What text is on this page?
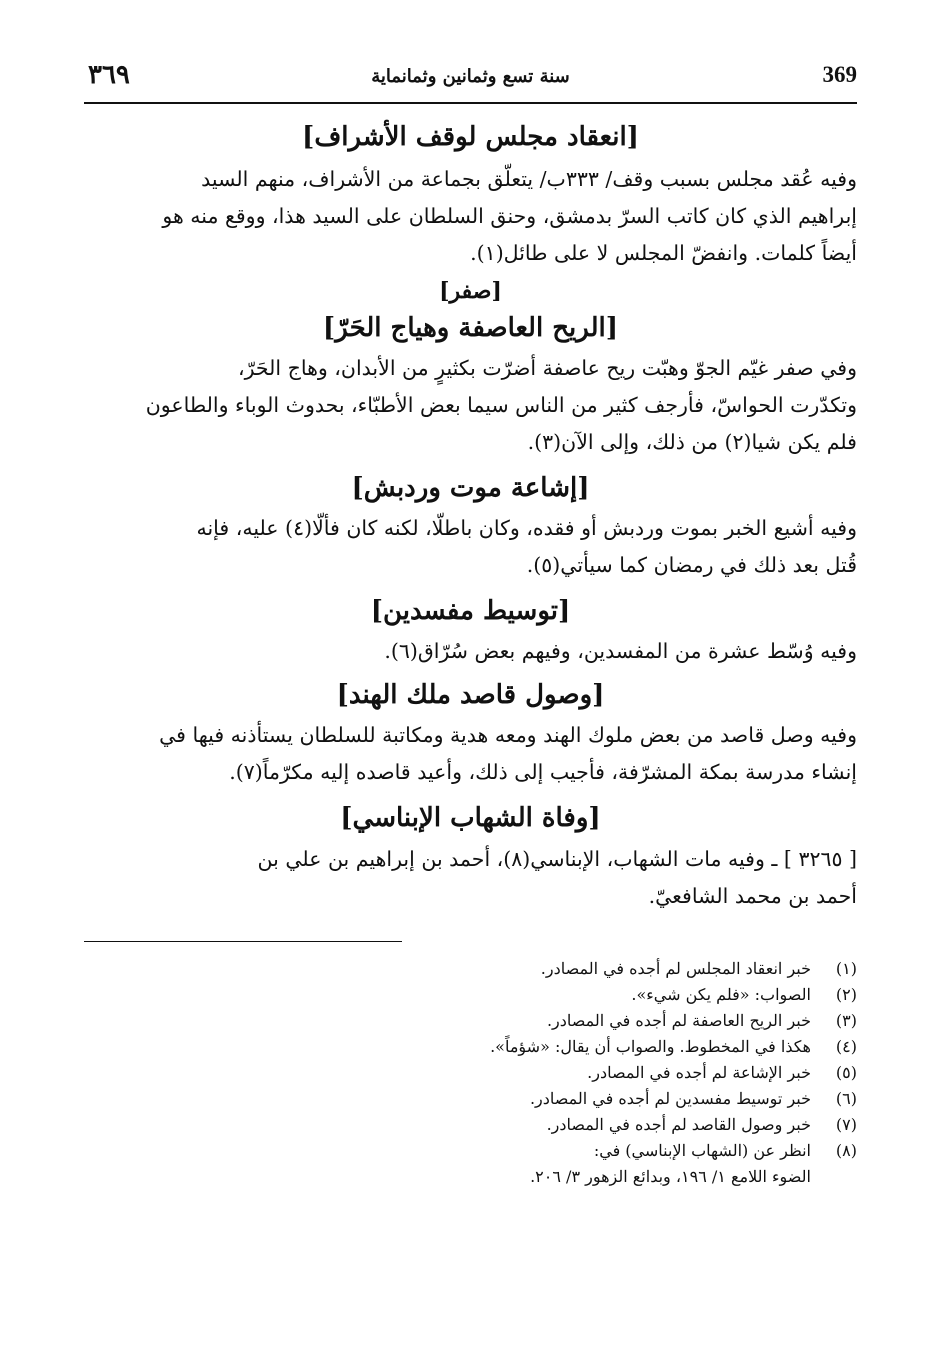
٣٦٩	سنة تسع وثمانين وثمانماية	369
[انعقاد مجلس لوقف الأشراف]

وفيه عُقد مجلس بسبب وقف/ ٣٣٣ب/ يتعلّق بجماعة من الأشراف، منهم السيد

إبراهيم الذي كان كاتب السرّ بدمشق، وحنق السلطان على السيد هذا، ووقع منه هو

أيضاً كلمات. وانفضّ المجلس لا على طائل(١).

[صفر]
[الريح العاصفة وهياج الحَرّ]

وفي صفر غيّم الجوّ وهبّت ريح عاصفة أضرّت بكثيرٍ من الأبدان، وهاج الحَرّ،

وتكدّرت الحواسّ، فأرجف كثير من الناس سيما بعض الأطبّاء، بحدوث الوباء والطاعون

فلم يكن شيا(٢) من ذلك، وإلى الآن(٣).

[إشاعة موت وردبش]

وفيه أشيع الخبر بموت وردبش أو فقده، وكان باطلّا، لكنه كان فألّا(٤) عليه، فإنه

قُتل بعد ذلك في رمضان كما سيأتي(٥).

[توسيط مفسدين]

وفيه وُسّط عشرة من المفسدين، وفيهم بعض سُرّاق(٦).

[وصول قاصد ملك الهند]

وفيه وصل قاصد من بعض ملوك الهند ومعه هدية ومكاتبة للسلطان يستأذنه فيها في

إنشاء مدرسة بمكة المشرّفة، فأجيب إلى ذلك، وأعيد قاصده إليه مكرّماً(٧).

[وفاة الشهاب الإبناسي]

[ ٣٢٦٥ ] ـ وفيه مات الشهاب، الإبناسي(٨)، أحمد بن إبراهيم بن علي بن

أحمد بن محمد الشافعيّ.

(١)
خبر انعقاد المجلس لم أجده في المصادر.
(٢)
الصواب: «فلم يكن شيء».
(٣)
خبر الريح العاصفة لم أجده في المصادر.
(٤)
هكذا في المخطوط. والصواب أن يقال: «شؤماً».
(٥)
خبر الإشاعة لم أجده في المصادر.
(٦)
خبر توسيط مفسدين لم أجده في المصادر.
(٧)
خبر وصول القاصد لم أجده في المصادر.
(٨)
انظر عن (الشهاب الإبناسي) في:
الضوء اللامع ١/ ١٩٦، وبدائع الزهور ٣/ ٢٠٦.
